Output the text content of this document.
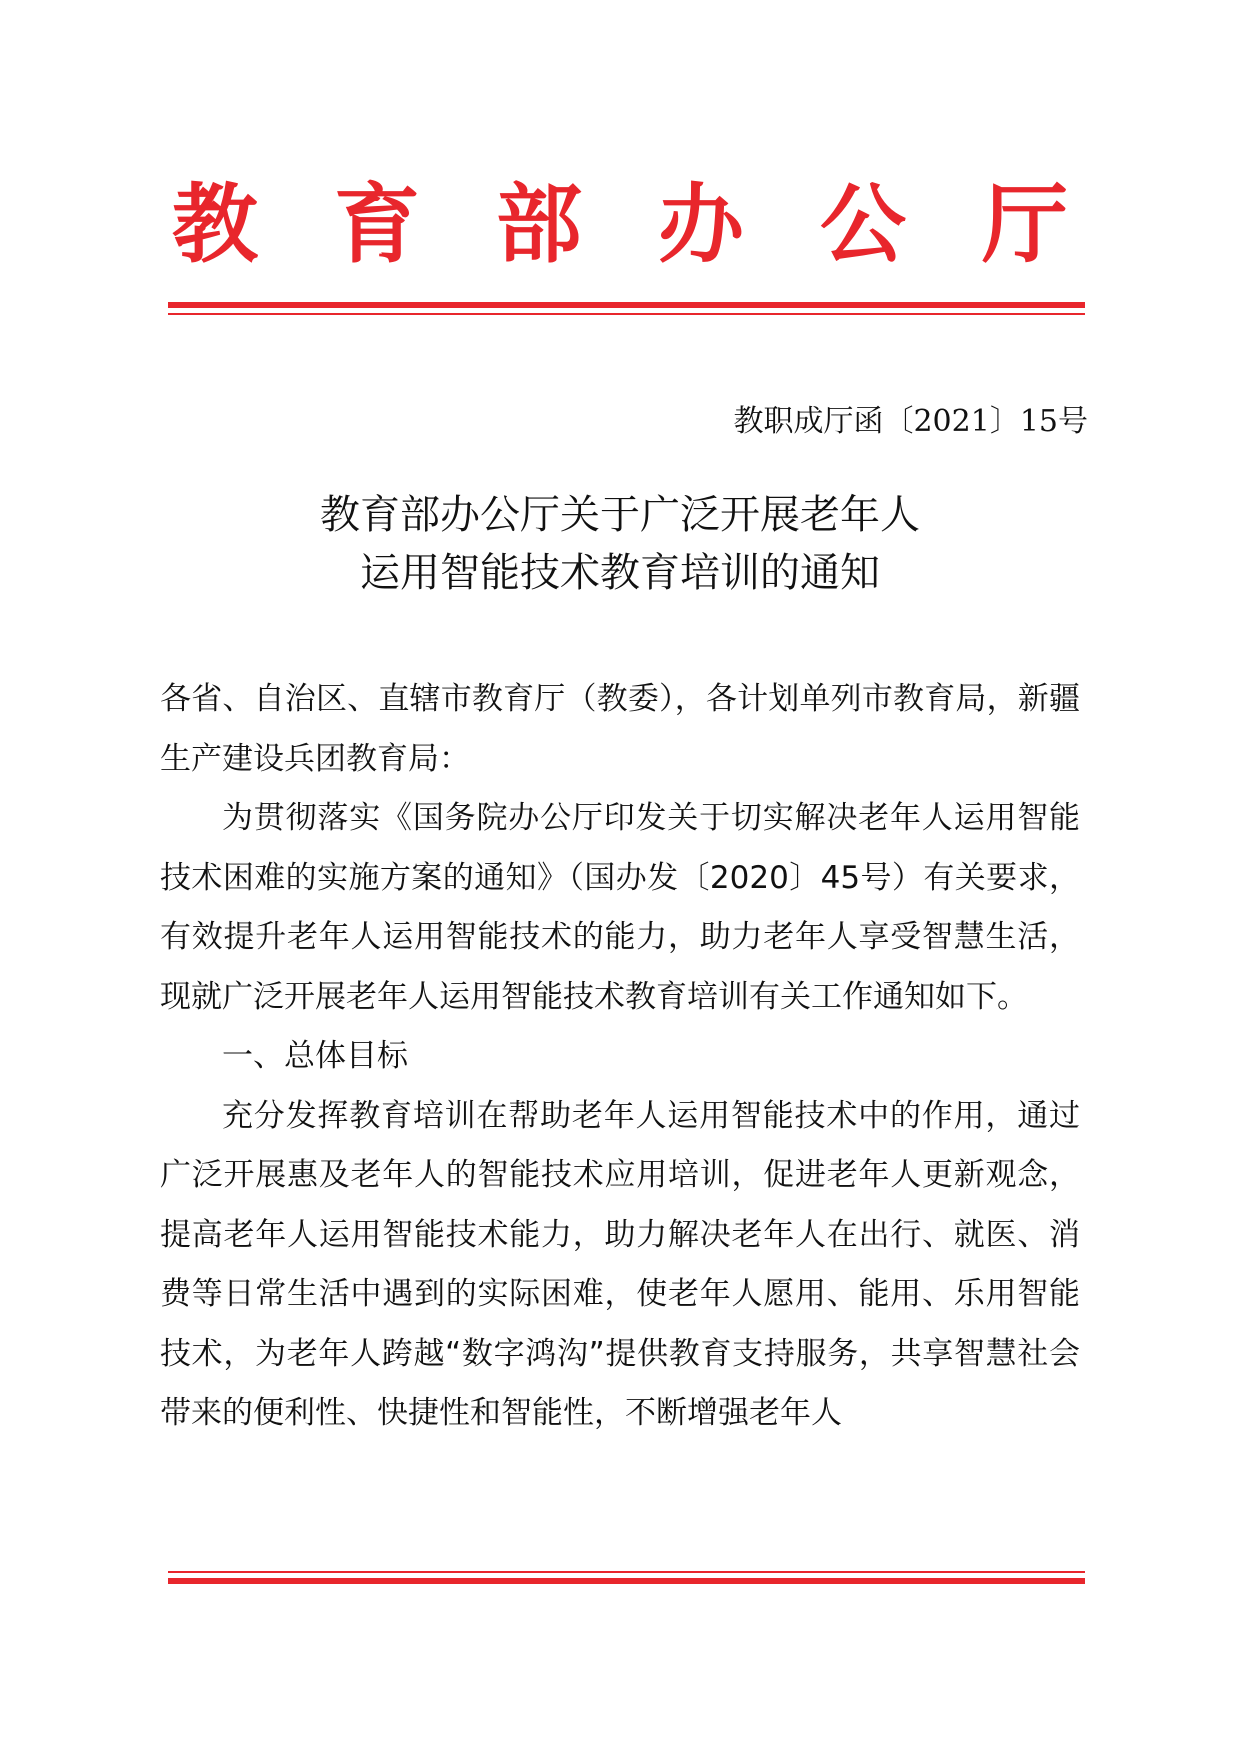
教 育 部 办 公 厅
教职成厅函〔2021〕15号
教育部办公厅关于广泛开展老年人
运用智能技术教育培训的通知

各省、自治区、直辖市教育厅（教委），各计划单列市教育局，新疆生产建设兵团教育局：

为贯彻落实《国务院办公厅印发关于切实解决老年人运用智能技术困难的实施方案的通知》（国办发〔2020〕45号）有关要求，有效提升老年人运用智能技术的能力，助力老年人享受智慧生活，现就广泛开展老年人运用智能技术教育培训有关工作通知如下。

一、总体目标

充分发挥教育培训在帮助老年人运用智能技术中的作用，通过广泛开展惠及老年人的智能技术应用培训，促进老年人更新观念，提高老年人运用智能技术能力，助力解决老年人在出行、就医、消费等日常生活中遇到的实际困难，使老年人愿用、能用、乐用智能技术，为老年人跨越“数字鸿沟”提供教育支持服务，共享智慧社会带来的便利性、快捷性和智能性，不断增强老年人
